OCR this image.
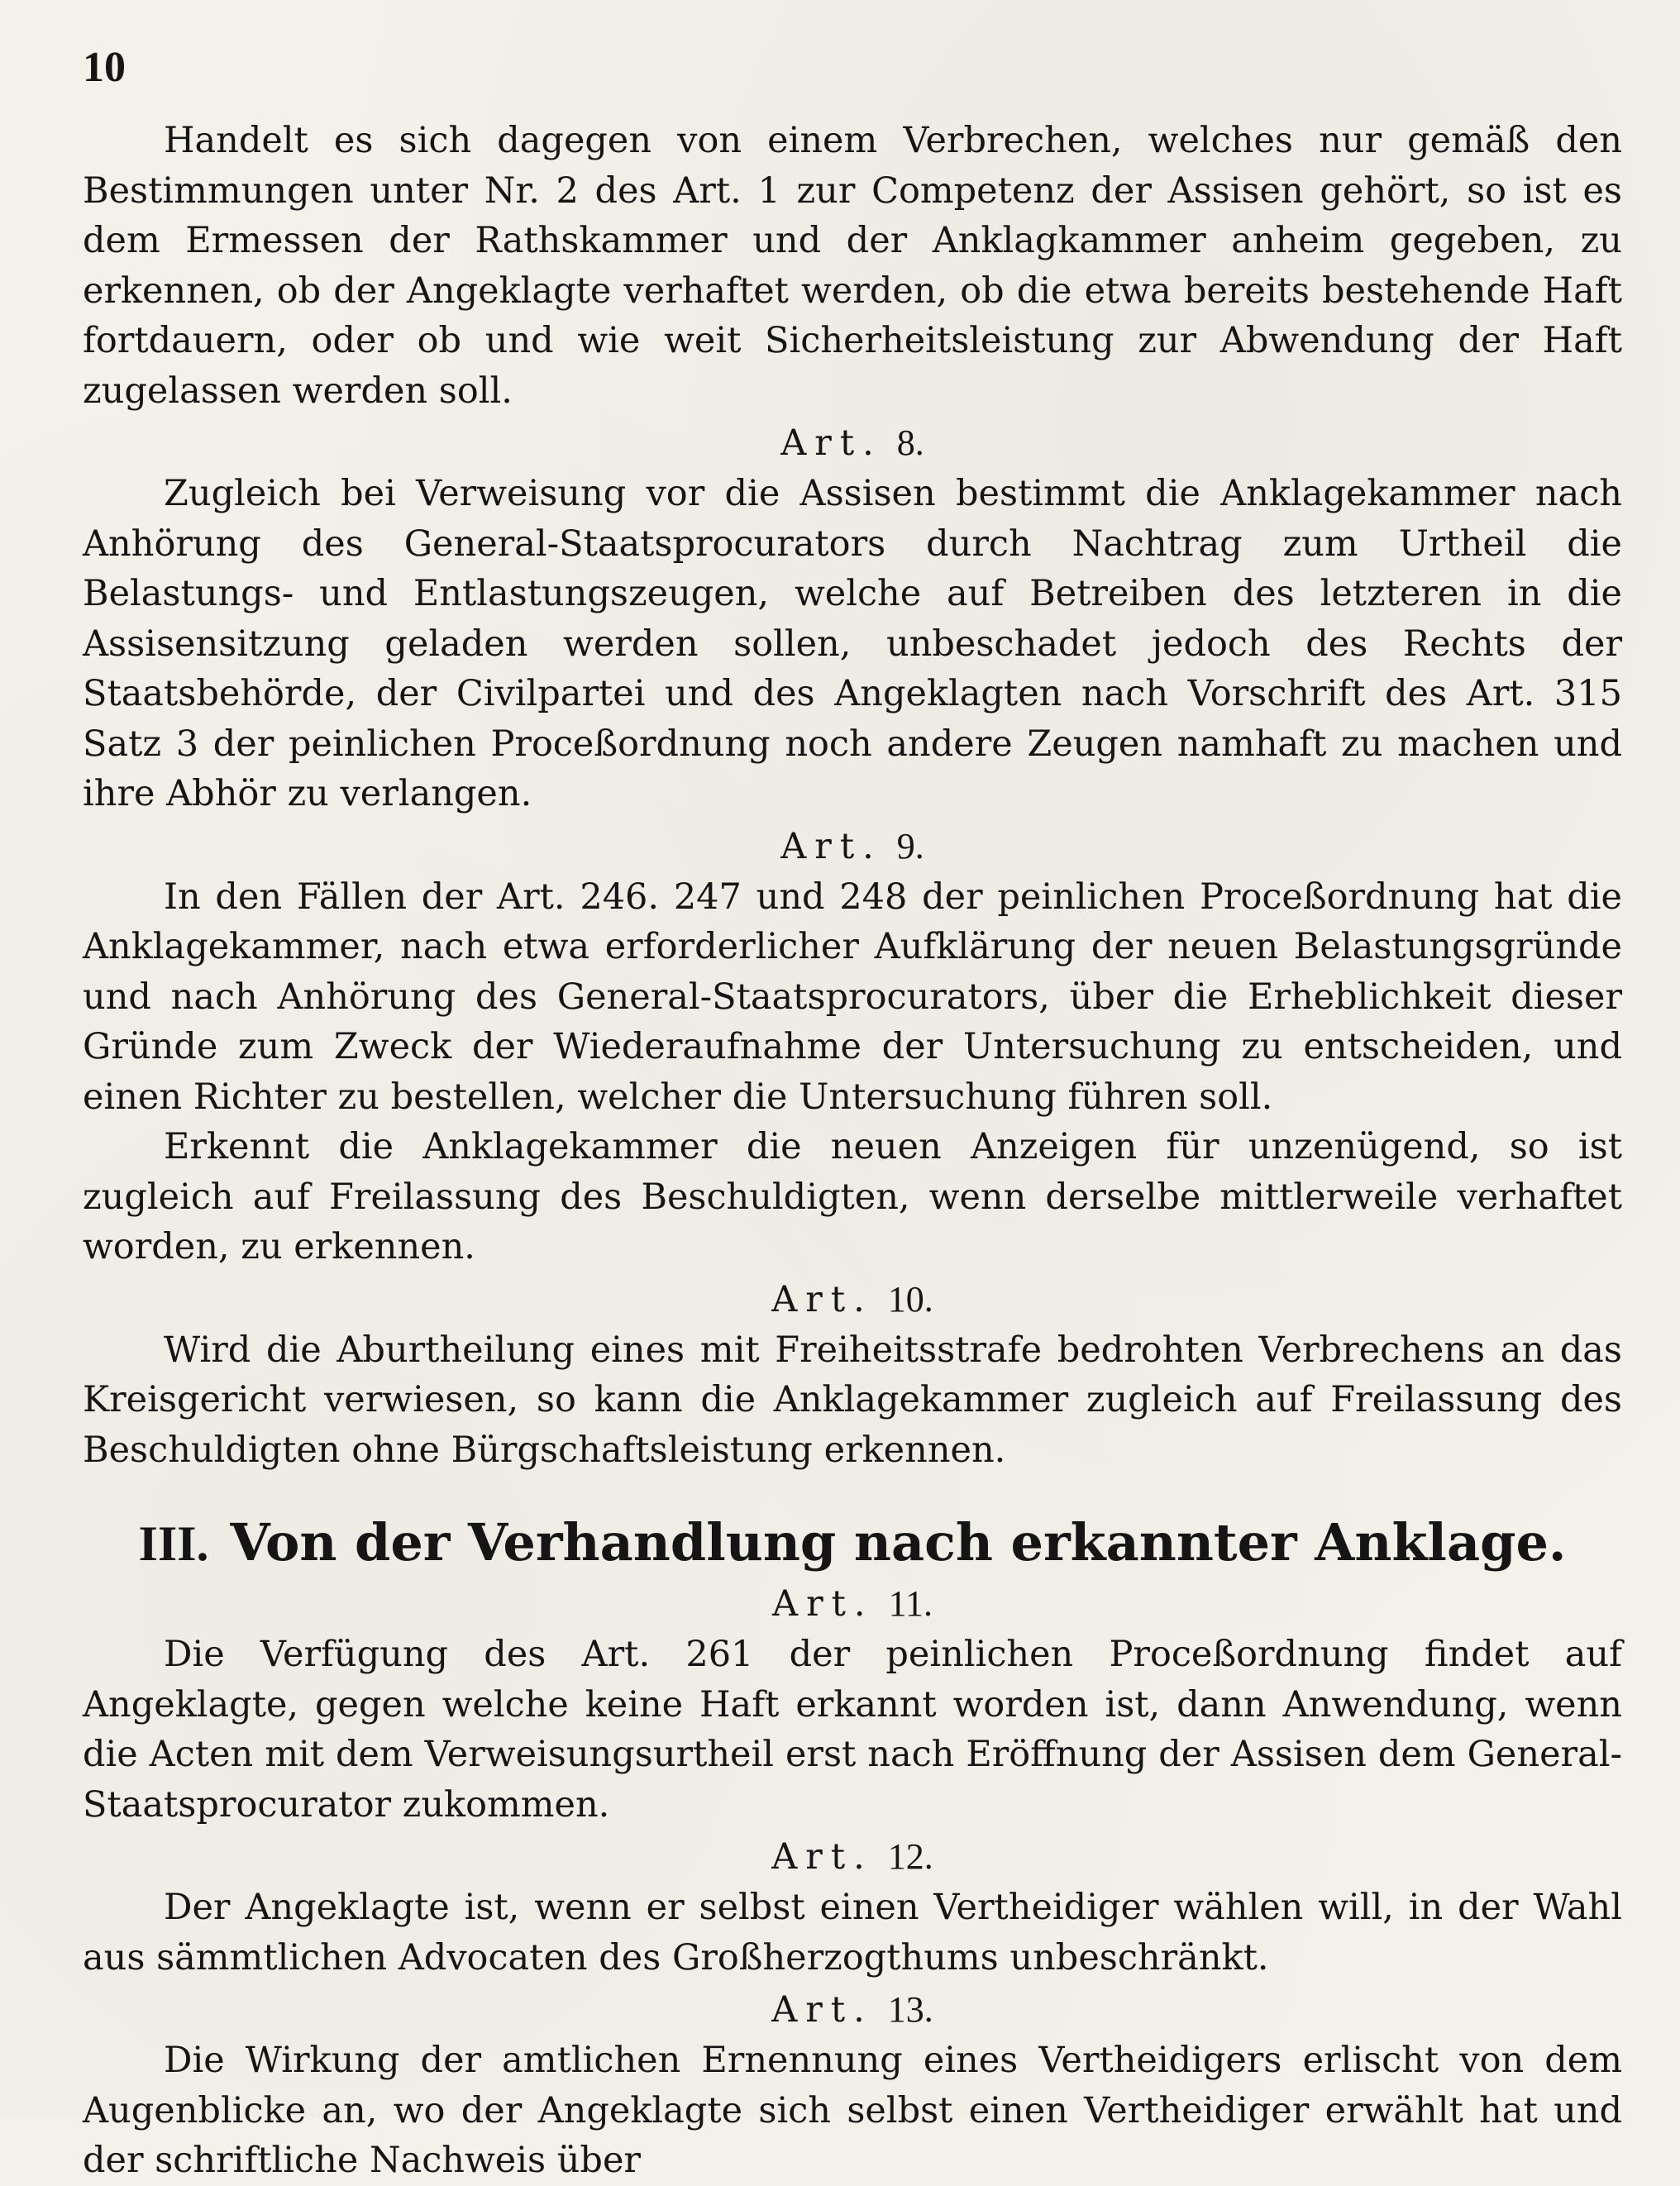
10

Handelt es sich dagegen von einem Verbrechen, welches nur gemäß den Bestimmungen unter Nr. 2 des Art. 1 zur Competenz der Assisen gehört, so ist es dem Ermessen der Rathskammer und der Anklagkammer anheim gegeben, zu erkennen, ob der Angeklagte verhaftet werden, ob die etwa bereits bestehende Haft fortdauern, oder ob und wie weit Sicherheitsleistung zur Abwendung der Haft zugelassen werden soll.

Art. 8.

Zugleich bei Verweisung vor die Assisen bestimmt die Anklagekammer nach Anhörung des General-Staatsprocurators durch Nachtrag zum Urtheil die Belastungs- und Entlastungszeugen, welche auf Betreiben des letzteren in die Assisensitzung geladen werden sollen, unbeschadet jedoch des Rechts der Staatsbehörde, der Civilpartei und des Angeklagten nach Vorschrift des Art. 315 Satz 3 der peinlichen Proceßordnung noch andere Zeugen namhaft zu machen und ihre Abhör zu verlangen.

Art. 9.

In den Fällen der Art. 246. 247 und 248 der peinlichen Proceßordnung hat die Anklagekammer, nach etwa erforderlicher Aufklärung der neuen Belastungsgründe und nach Anhörung des General-Staatsprocurators, über die Erheblichkeit dieser Gründe zum Zweck der Wiederaufnahme der Untersuchung zu entscheiden, und einen Richter zu bestellen, welcher die Untersuchung führen soll.

Erkennt die Anklagekammer die neuen Anzeigen für unzenügend, so ist zugleich auf Freilassung des Beschuldigten, wenn derselbe mittlerweile verhaftet worden, zu erkennen.

Art. 10.

Wird die Aburtheilung eines mit Freiheitsstrafe bedrohten Verbrechens an das Kreisgericht verwiesen, so kann die Anklagekammer zugleich auf Freilassung des Beschuldigten ohne Bürgschaftsleistung erkennen.

III. Von der Verhandlung nach erkannter Anklage.
Art. 11.

Die Verfügung des Art. 261 der peinlichen Proceßordnung findet auf Angeklagte, gegen welche keine Haft erkannt worden ist, dann Anwendung, wenn die Acten mit dem Verweisungsurtheil erst nach Eröffnung der Assisen dem General-Staatsprocurator zukommen.

Art. 12.

Der Angeklagte ist, wenn er selbst einen Vertheidiger wählen will, in der Wahl aus sämmtlichen Advocaten des Großherzogthums unbeschränkt.

Art. 13.

Die Wirkung der amtlichen Ernennung eines Vertheidigers erlischt von dem Augenblicke an, wo der Angeklagte sich selbst einen Vertheidiger erwählt hat und der schriftliche Nachweis über
